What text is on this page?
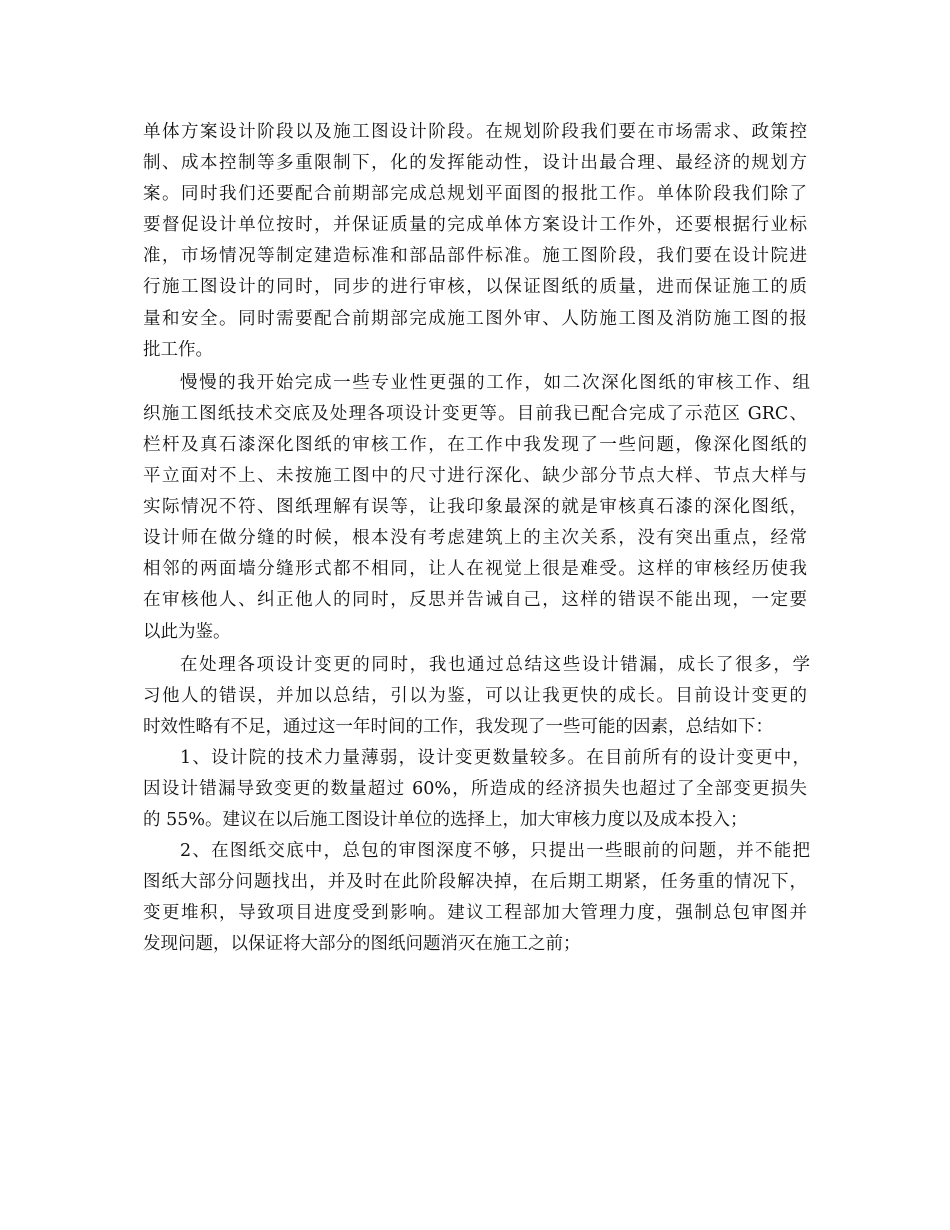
单体方案设计阶段以及施工图设计阶段。在规划阶段我们要在市场需求、政策控
制、成本控制等多重限制下，化的发挥能动性，设计出最合理、最经济的规划方
案。同时我们还要配合前期部完成总规划平面图的报批工作。单体阶段我们除了
要督促设计单位按时，并保证质量的完成单体方案设计工作外，还要根据行业标
准，市场情况等制定建造标准和部品部件标准。施工图阶段，我们要在设计院进
行施工图设计的同时，同步的进行审核，以保证图纸的质量，进而保证施工的质
量和安全。同时需要配合前期部完成施工图外审、人防施工图及消防施工图的报
批工作。
慢慢的我开始完成一些专业性更强的工作，如二次深化图纸的审核工作、组
织施工图纸技术交底及处理各项设计变更等。目前我已配合完成了示范区 GRC、
栏杆及真石漆深化图纸的审核工作，在工作中我发现了一些问题，像深化图纸的
平立面对不上、未按施工图中的尺寸进行深化、缺少部分节点大样、节点大样与
实际情况不符、图纸理解有误等，让我印象最深的就是审核真石漆的深化图纸，
设计师在做分缝的时候，根本没有考虑建筑上的主次关系，没有突出重点，经常
相邻的两面墙分缝形式都不相同，让人在视觉上很是难受。这样的审核经历使我
在审核他人、纠正他人的同时，反思并告诫自己，这样的错误不能出现，一定要
以此为鉴。
在处理各项设计变更的同时，我也通过总结这些设计错漏，成长了很多，学
习他人的错误，并加以总结，引以为鉴，可以让我更快的成长。目前设计变更的
时效性略有不足，通过这一年时间的工作，我发现了一些可能的因素，总结如下：
1、设计院的技术力量薄弱，设计变更数量较多。在目前所有的设计变更中，
因设计错漏导致变更的数量超过 60%，所造成的经济损失也超过了全部变更损失
的 55%。建议在以后施工图设计单位的选择上，加大审核力度以及成本投入；
2、在图纸交底中，总包的审图深度不够，只提出一些眼前的问题，并不能把
图纸大部分问题找出，并及时在此阶段解决掉，在后期工期紧，任务重的情况下，
变更堆积，导致项目进度受到影响。建议工程部加大管理力度，强制总包审图并
发现问题，以保证将大部分的图纸问题消灭在施工之前；
